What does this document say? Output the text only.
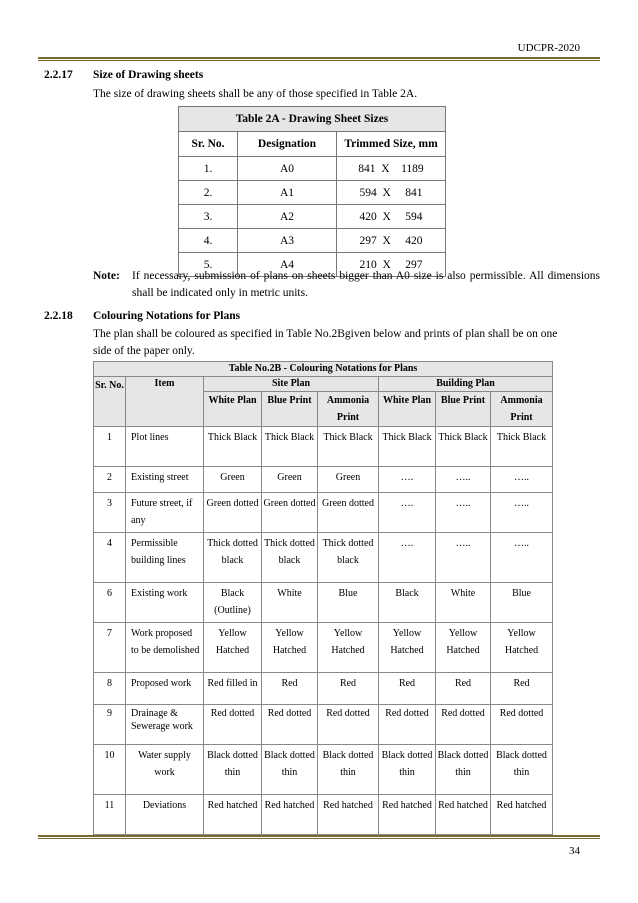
UDCPR-2020
2.2.17 Size of Drawing sheets
The size of drawing sheets shall be any of those specified in Table 2A.
Table 2A - Drawing Sheet Sizes		
Sr. No.	Designation	Trimmed Size, mm
1.	A0	841  X    1189
2.	A1	594  X     841
3.	A2	420  X     594
4.	A3	297  X     420
5.	A4	210  X     297
Note: If necessary, submission of plans on sheets bigger than A0 size is also permissible. All dimensions shall be indicated only in metric units.
2.2.18 Colouring Notations for Plans
The plan shall be coloured as specified in Table No.2Bgiven below and prints of plan shall be on one side of the paper only.
Table No.2B - Colouring Notations for Plans							
Sr. No.	Item	Site Plan			Building Plan		
		White Plan	Blue Print	Ammonia Print	White Plan	Blue Print	Ammonia Print
1	Plot lines	Thick Black	Thick Black	Thick Black	Thick Black	Thick Black	Thick Black
2	Existing street	Green	Green	Green	….	…..	…..
3	Future street, if any	Green dotted	Green dotted	Green dotted	….	…..	…..
4	Permissible building lines	Thick dotted black	Thick dotted black	Thick dotted black	….	…..	…..
6	Existing work	Black (Outline)	White	Blue	Black	White	Blue
7	Work proposed to be demolished	Yellow Hatched	Yellow Hatched	Yellow Hatched	Yellow Hatched	Yellow Hatched	Yellow Hatched
8	Proposed work	Red filled in	Red	Red	Red	Red	Red
9	Drainage & Sewerage work	Red dotted	Red dotted	Red dotted	Red dotted	Red dotted	Red dotted
10	Water supply work	Black dotted thin	Black dotted thin	Black dotted thin	Black dotted thin	Black dotted thin	Black dotted thin
11	Deviations	Red hatched	Red hatched	Red hatched	Red hatched	Red hatched	Red hatched
34
